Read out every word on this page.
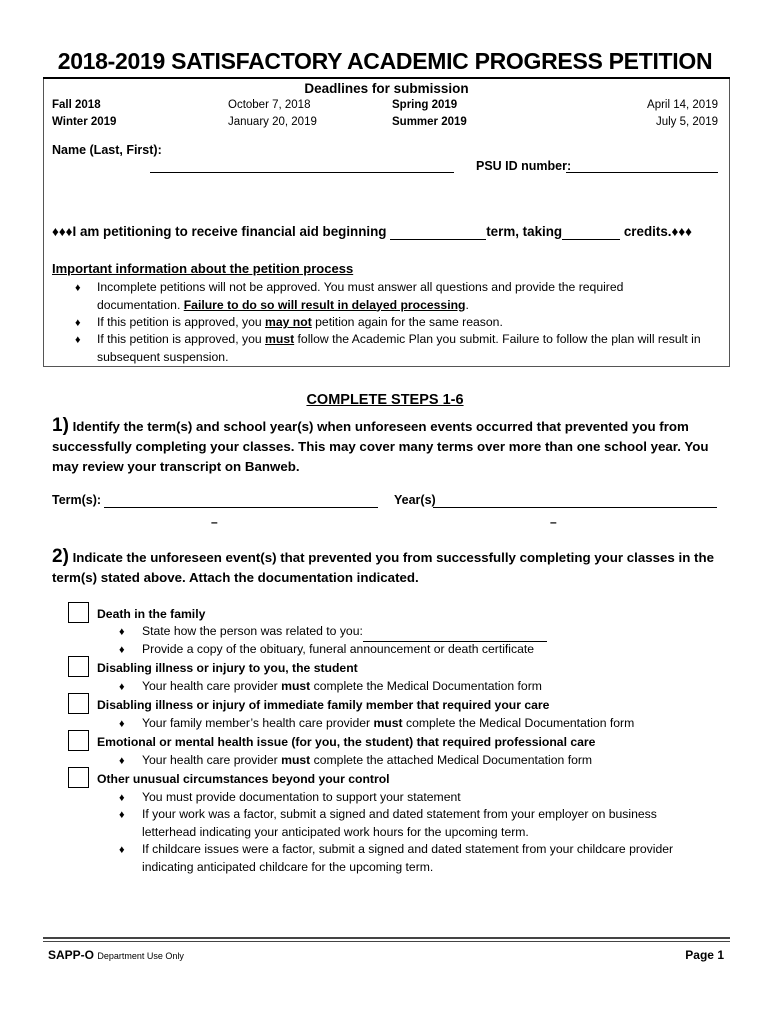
2018-2019 SATISFACTORY ACADEMIC PROGRESS PETITION
Deadlines for submission
Fall 2018	October 7, 2018	Spring 2019	April 14, 2019
Winter 2019	January 20, 2019	Summer 2019	July 5, 2019
Name (Last, First):
PSU ID number:
♦♦♦I am petitioning to receive financial aid beginning	term, taking	credits.♦♦♦
Important information about the petition process
♦ Incomplete petitions will not be approved. You must answer all questions and provide the required documentation. Failure to do so will result in delayed processing.
♦ If this petition is approved, you may not petition again for the same reason.
♦ If this petition is approved, you must follow the Academic Plan you submit. Failure to follow the plan will result in subsequent suspension.
COMPLETE STEPS 1-6
1) Identify the term(s) and school year(s) when unforeseen events occurred that prevented you from successfully completing your classes. This may cover many terms over more than one school year. You may review your transcript on Banweb.
Term(s):	Year(s)
–	–
2) Indicate the unforeseen event(s) that prevented you from successfully completing your classes in the term(s) stated above. Attach the documentation indicated.
Death in the family
♦ State how the person was related to you:
♦ Provide a copy of the obituary, funeral announcement or death certificate
Disabling illness or injury to you, the student
♦ Your health care provider must complete the Medical Documentation form
Disabling illness or injury of immediate family member that required your care
♦ Your family member’s health care provider must complete the Medical Documentation form
Emotional or mental health issue (for you, the student) that required professional care
♦ Your health care provider must complete the attached Medical Documentation form
Other unusual circumstances beyond your control
♦ You must provide documentation to support your statement
♦ If your work was a factor, submit a signed and dated statement from your employer on business letterhead indicating your anticipated work hours for the upcoming term.
♦ If childcare issues were a factor, submit a signed and dated statement from your childcare provider indicating anticipated childcare for the upcoming term.
SAPP-O Department Use Only	Page 1
